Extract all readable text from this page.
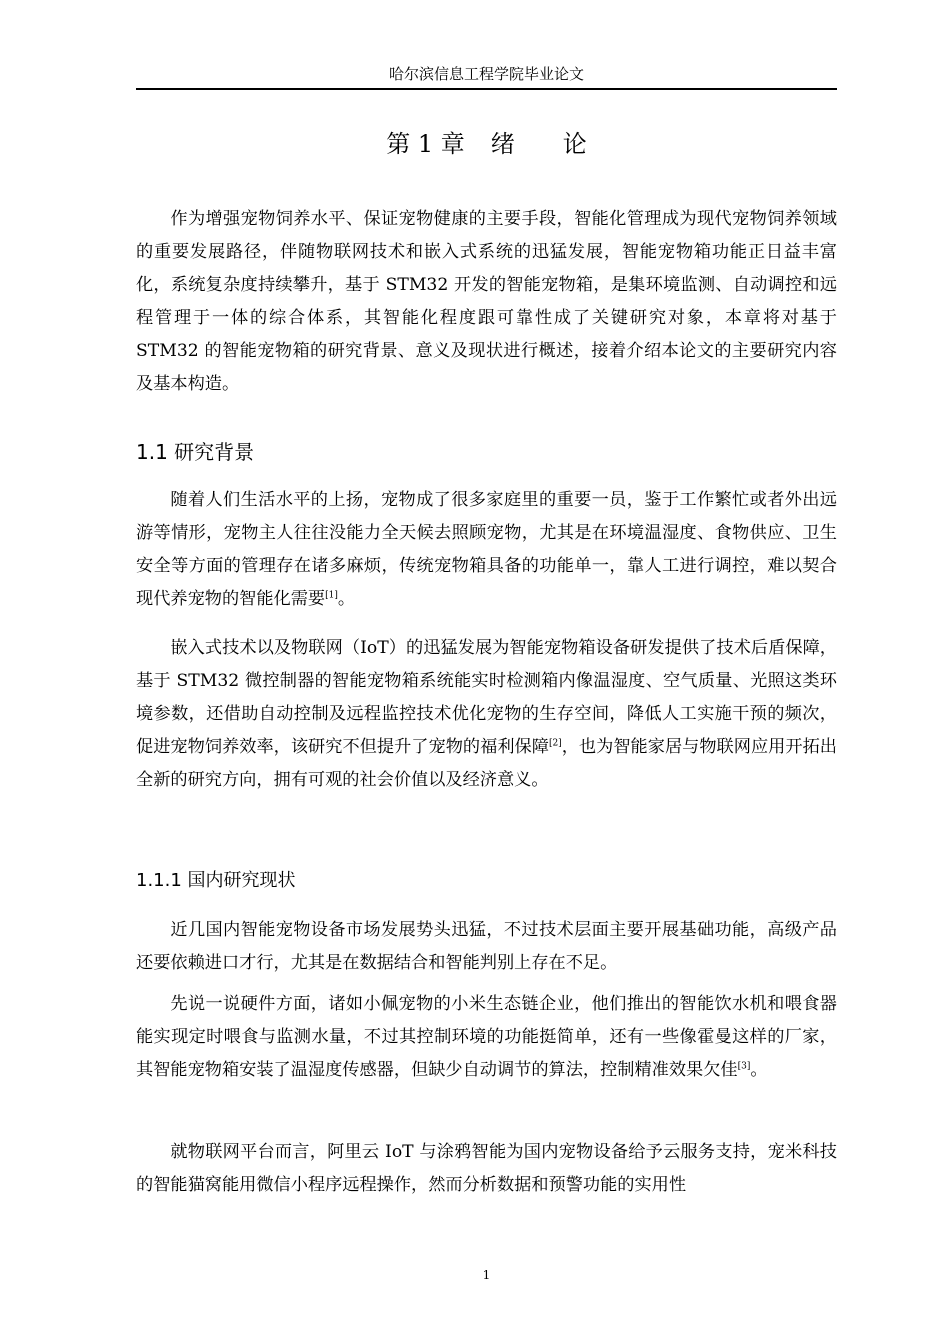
哈尔滨信息工程学院毕业论文
第 1 章 绪 论

作为增强宠物饲养水平、保证宠物健康的主要手段，智能化管理成为现代宠物饲养领域的重要发展路径，伴随物联网技术和嵌入式系统的迅猛发展，智能宠物箱功能正日益丰富化，系统复杂度持续攀升，基于 STM32 开发的智能宠物箱，是集环境监测、自动调控和远程管理于一体的综合体系，其智能化程度跟可靠性成了关键研究对象，本章将对基于 STM32 的智能宠物箱的研究背景、意义及现状进行概述，接着介绍本论文的主要研究内容及基本构造。

1.1 研究背景

随着人们生活水平的上扬，宠物成了很多家庭里的重要一员，鉴于工作繁忙或者外出远游等情形，宠物主人往往没能力全天候去照顾宠物，尤其是在环境温湿度、食物供应、卫生安全等方面的管理存在诸多麻烦，传统宠物箱具备的功能单一，靠人工进行调控，难以契合现代养宠物的智能化需要[1]。

嵌入式技术以及物联网（IoT）的迅猛发展为智能宠物箱设备研发提供了技术后盾保障，基于 STM32 微控制器的智能宠物箱系统能实时检测箱内像温湿度、空气质量、光照这类环境参数，还借助自动控制及远程监控技术优化宠物的生存空间，降低人工实施干预的频次，促进宠物饲养效率，该研究不但提升了宠物的福利保障[2]，也为智能家居与物联网应用开拓出全新的研究方向，拥有可观的社会价值以及经济意义。

1.1.1 国内研究现状

近几国内智能宠物设备市场发展势头迅猛，不过技术层面主要开展基础功能，高级产品还要依赖进口才行，尤其是在数据结合和智能判别上存在不足。

先说一说硬件方面，诸如小佩宠物的小米生态链企业，他们推出的智能饮水机和喂食器能实现定时喂食与监测水量，不过其控制环境的功能挺简单，还有一些像霍曼这样的厂家，其智能宠物箱安装了温湿度传感器，但缺少自动调节的算法，控制精准效果欠佳[3]。

就物联网平台而言，阿里云 IoT 与涂鸦智能为国内宠物设备给予云服务支持，宠米科技的智能猫窝能用微信小程序远程操作，然而分析数据和预警功能的实用性

1
